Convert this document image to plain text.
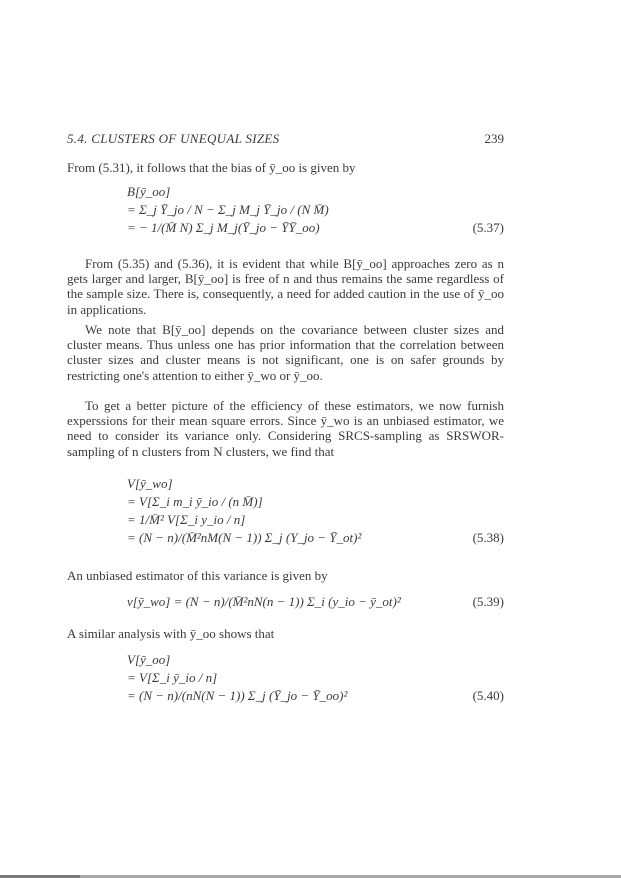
5.4. CLUSTERS OF UNEQUAL SIZES	239
From (5.31), it follows that the bias of ȳ_oo is given by
B[ȳ_oo]
= Σ_j Ȳ_jo / N − Σ_j M_j Ȳ_jo / (N M̄)
= − 1/(M̄ N) Σ_j M_j(Ȳ_jo − ȲȲ_oo)	(5.37)
From (5.35) and (5.36), it is evident that while B[ȳ_oo] approaches zero as n gets larger and larger, B[ȳ_oo] is free of n and thus remains the same regardless of the sample size. There is, consequently, a need for added caution in the use of ȳ_oo in applications.
We note that B[ȳ_oo] depends on the covariance between cluster sizes and cluster means. Thus unless one has prior information that the correlation between cluster sizes and cluster means is not significant, one is on safer grounds by restricting one's attention to either ȳ_wo or ȳ_oo.
To get a better picture of the efficiency of these estimators, we now furnish experssions for their mean square errors. Since ȳ_wo is an unbiased estimator, we need to consider its variance only. Considering SRCS-sampling as SRSWOR-sampling of n clusters from N clusters, we find that
V[ȳ_wo]
= V[Σ_i m_i ȳ_io / (n M̄)]
= 1/M̄² V[Σ_i y_io / n]
= (N − n)/(M̄²nM(N − 1)) Σ_j (Y_jo − Ȳ_ot)²	(5.38)
An unbiased estimator of this variance is given by
v[ȳ_wo] = (N − n)/(M̄²nN(n − 1)) Σ_i (y_io − ȳ_ot)²	(5.39)
A similar analysis with ȳ_oo shows that
V[ȳ_oo]
= V[Σ_i ȳ_io / n]
= (N − n)/(nN(N − 1)) Σ_j (Ȳ_jo − Ȳ_oo)²	(5.40)
